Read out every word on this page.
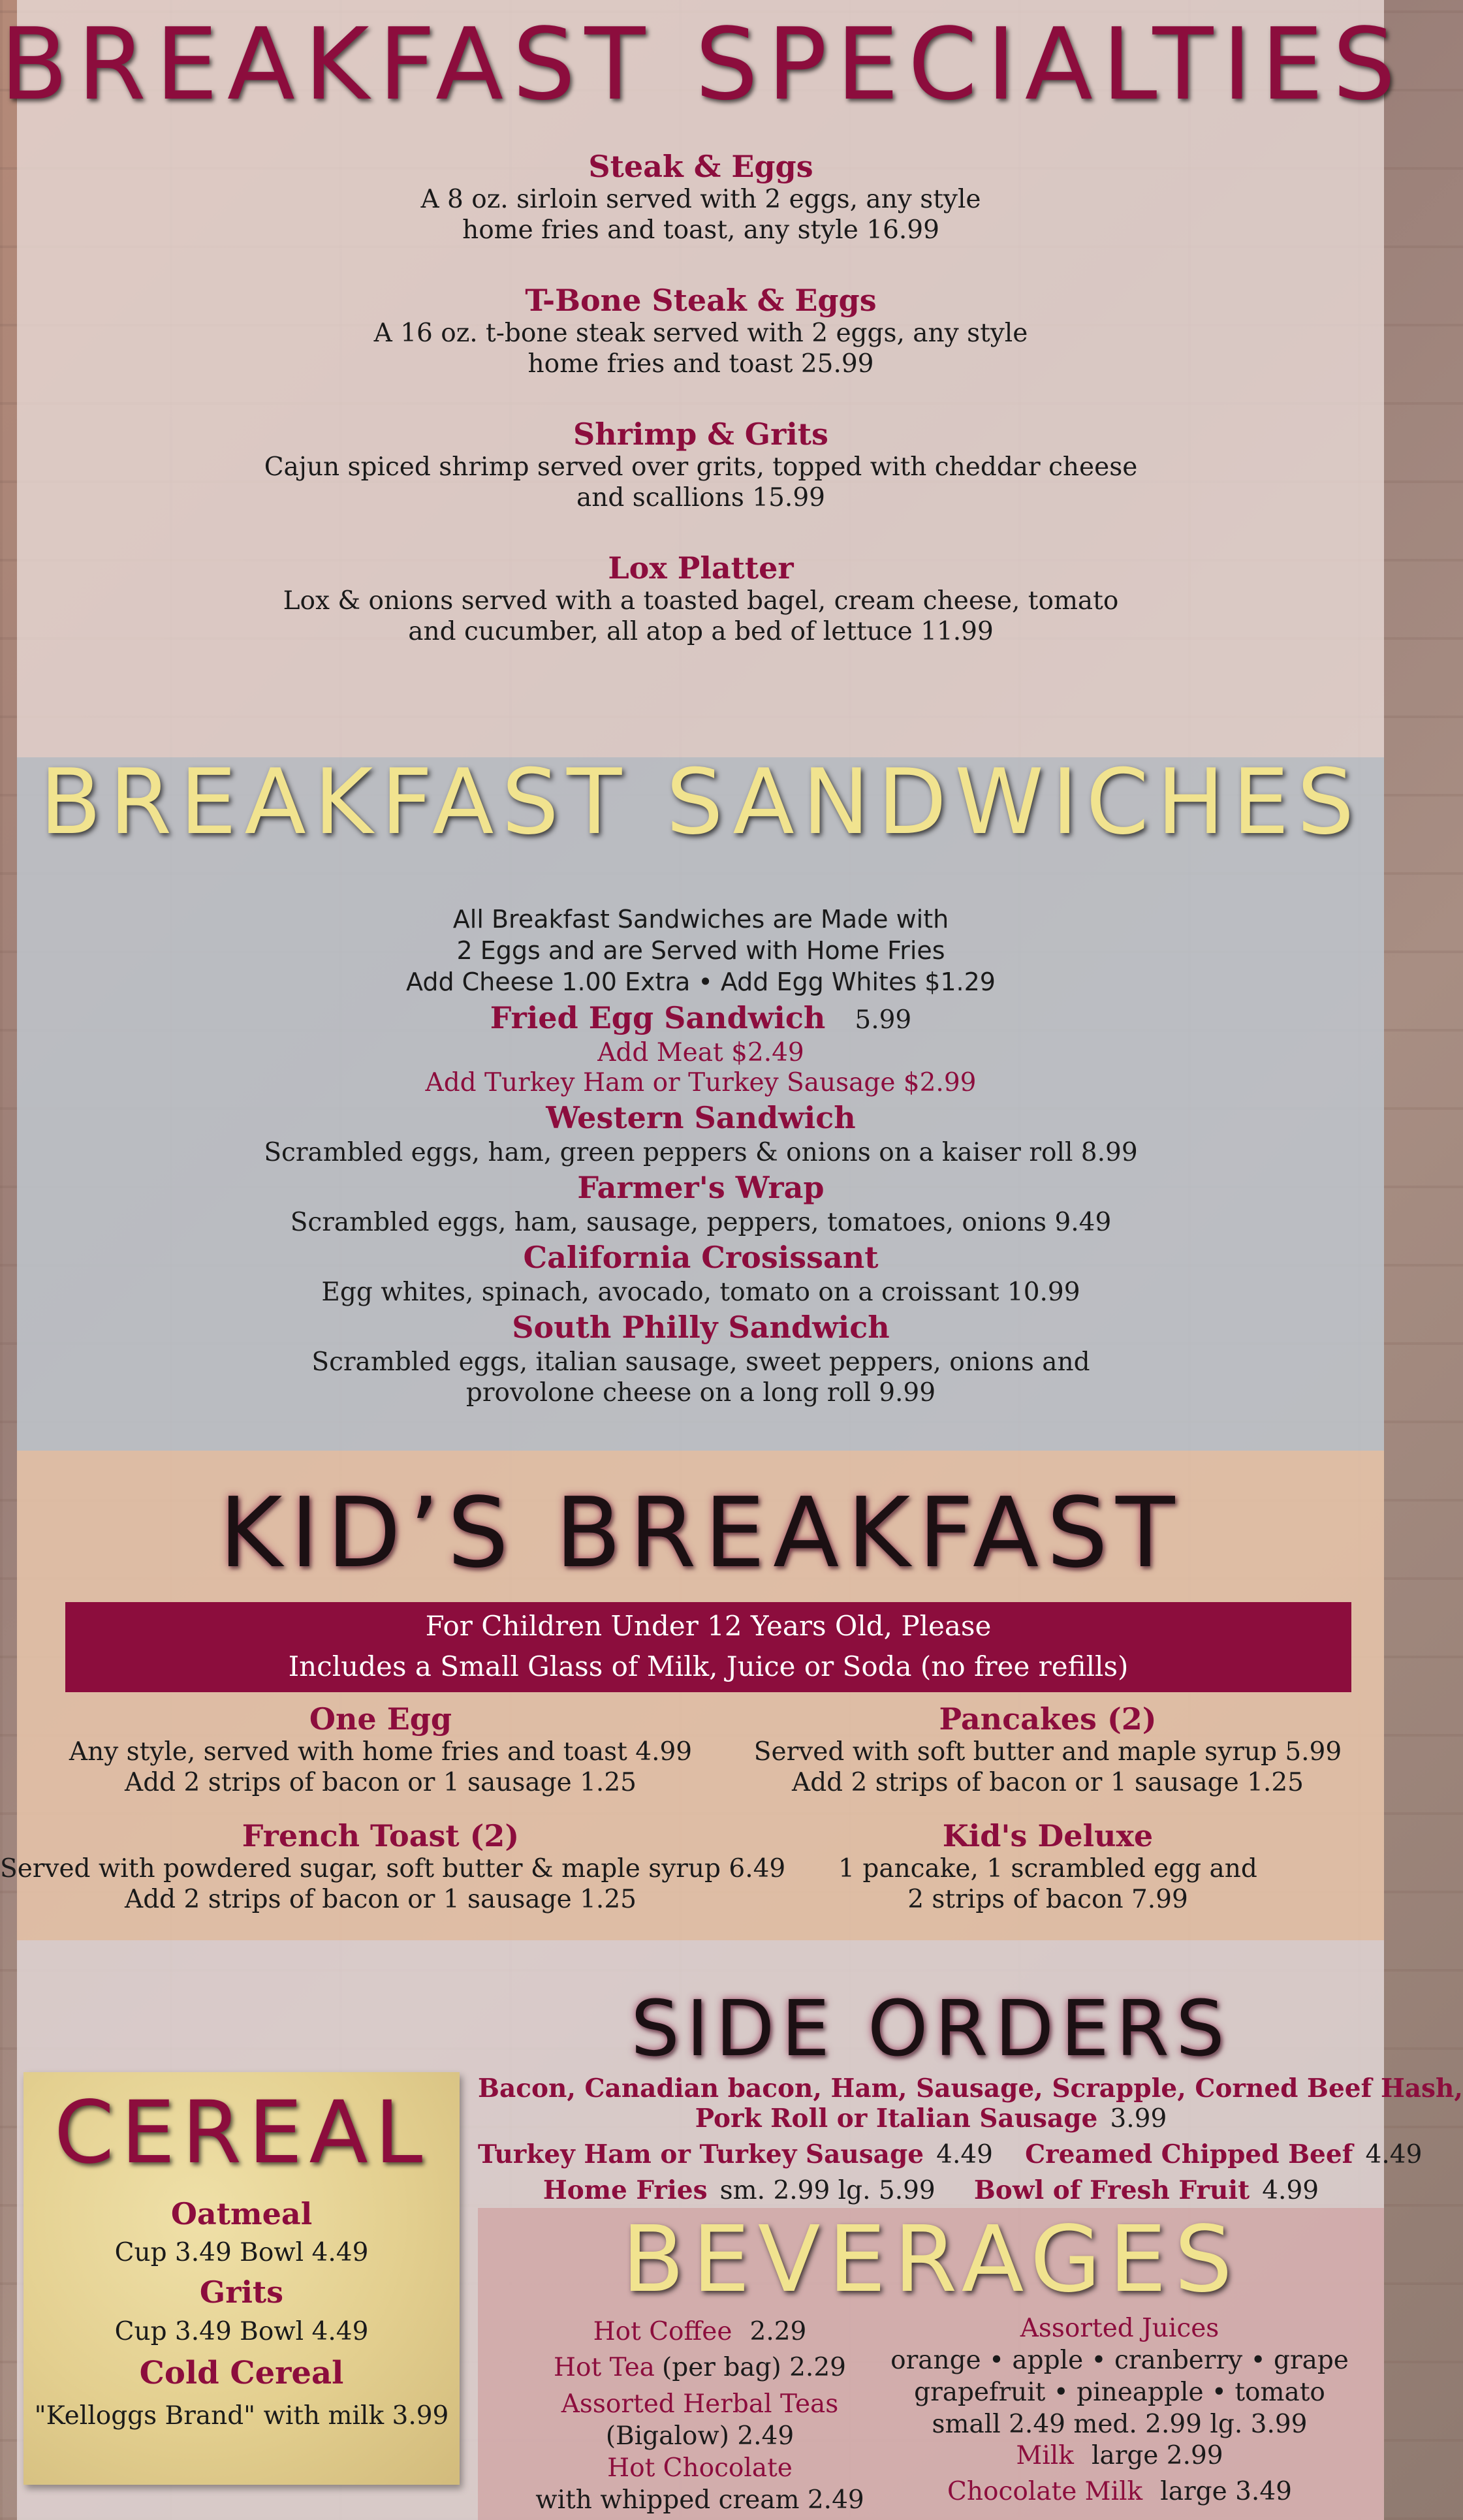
BREAKFAST SPECIALTIES
Steak & Eggs
A 8 oz. sirloin served with 2 eggs, any style
home fries and toast, any style 16.99
T-Bone Steak & Eggs
A 16 oz. t-bone steak served with 2 eggs, any style
home fries and toast 25.99
Shrimp & Grits
Cajun spiced shrimp served over grits, topped with cheddar cheese
and scallions 15.99
Lox Platter
Lox & onions served with a toasted bagel, cream cheese, tomato
and cucumber, all atop a bed of lettuce 11.99
BREAKFAST SANDWICHES
All Breakfast Sandwiches are Made with
2 Eggs and are Served with Home Fries
Add Cheese 1.00 Extra • Add Egg Whites $1.29
Fried Egg Sandwich 5.99
Add Meat $2.49
Add Turkey Ham or Turkey Sausage $2.99
Western Sandwich
Scrambled eggs, ham, green peppers & onions on a kaiser roll 8.99
Farmer's Wrap
Scrambled eggs, ham, sausage, peppers, tomatoes, onions 9.49
California Crosissant
Egg whites, spinach, avocado, tomato on a croissant 10.99
South Philly Sandwich
Scrambled eggs, italian sausage, sweet peppers, onions and
provolone cheese on a long roll 9.99
KID’S BREAKFAST
For Children Under 12 Years Old, Please
Includes a Small Glass of Milk, Juice or Soda (no free refills)
One Egg
Any style, served with home fries and toast 4.99
Add 2 strips of bacon or 1 sausage 1.25
Pancakes (2)
Served with soft butter and maple syrup 5.99
Add 2 strips of bacon or 1 sausage 1.25
French Toast (2)
Served with powdered sugar, soft butter & maple syrup 6.49
Add 2 strips of bacon or 1 sausage 1.25
Kid's Deluxe
1 pancake, 1 scrambled egg and
2 strips of bacon 7.99
SIDE ORDERS
Bacon, Canadian bacon, Ham, Sausage, Scrapple, Corned Beef Hash,
Pork Roll or Italian Sausage 3.99
Turkey Ham or Turkey Sausage 4.49 Creamed Chipped Beef 4.49
Home Fries sm. 2.99 lg. 5.99 Bowl of Fresh Fruit 4.99
CEREAL
Oatmeal
Cup 3.49 Bowl 4.49
Grits
Cup 3.49 Bowl 4.49
Cold Cereal
"Kelloggs Brand" with milk 3.99
BEVERAGES
Hot Coffee 2.29
Hot Tea (per bag) 2.29
Assorted Herbal Teas
(Bigalow) 2.49
Hot Chocolate
with whipped cream 2.49
Assorted Juices
orange • apple • cranberry • grape
grapefruit • pineapple • tomato
small 2.49 med. 2.99 lg. 3.99
Milk large 2.99
Chocolate Milk large 3.49
